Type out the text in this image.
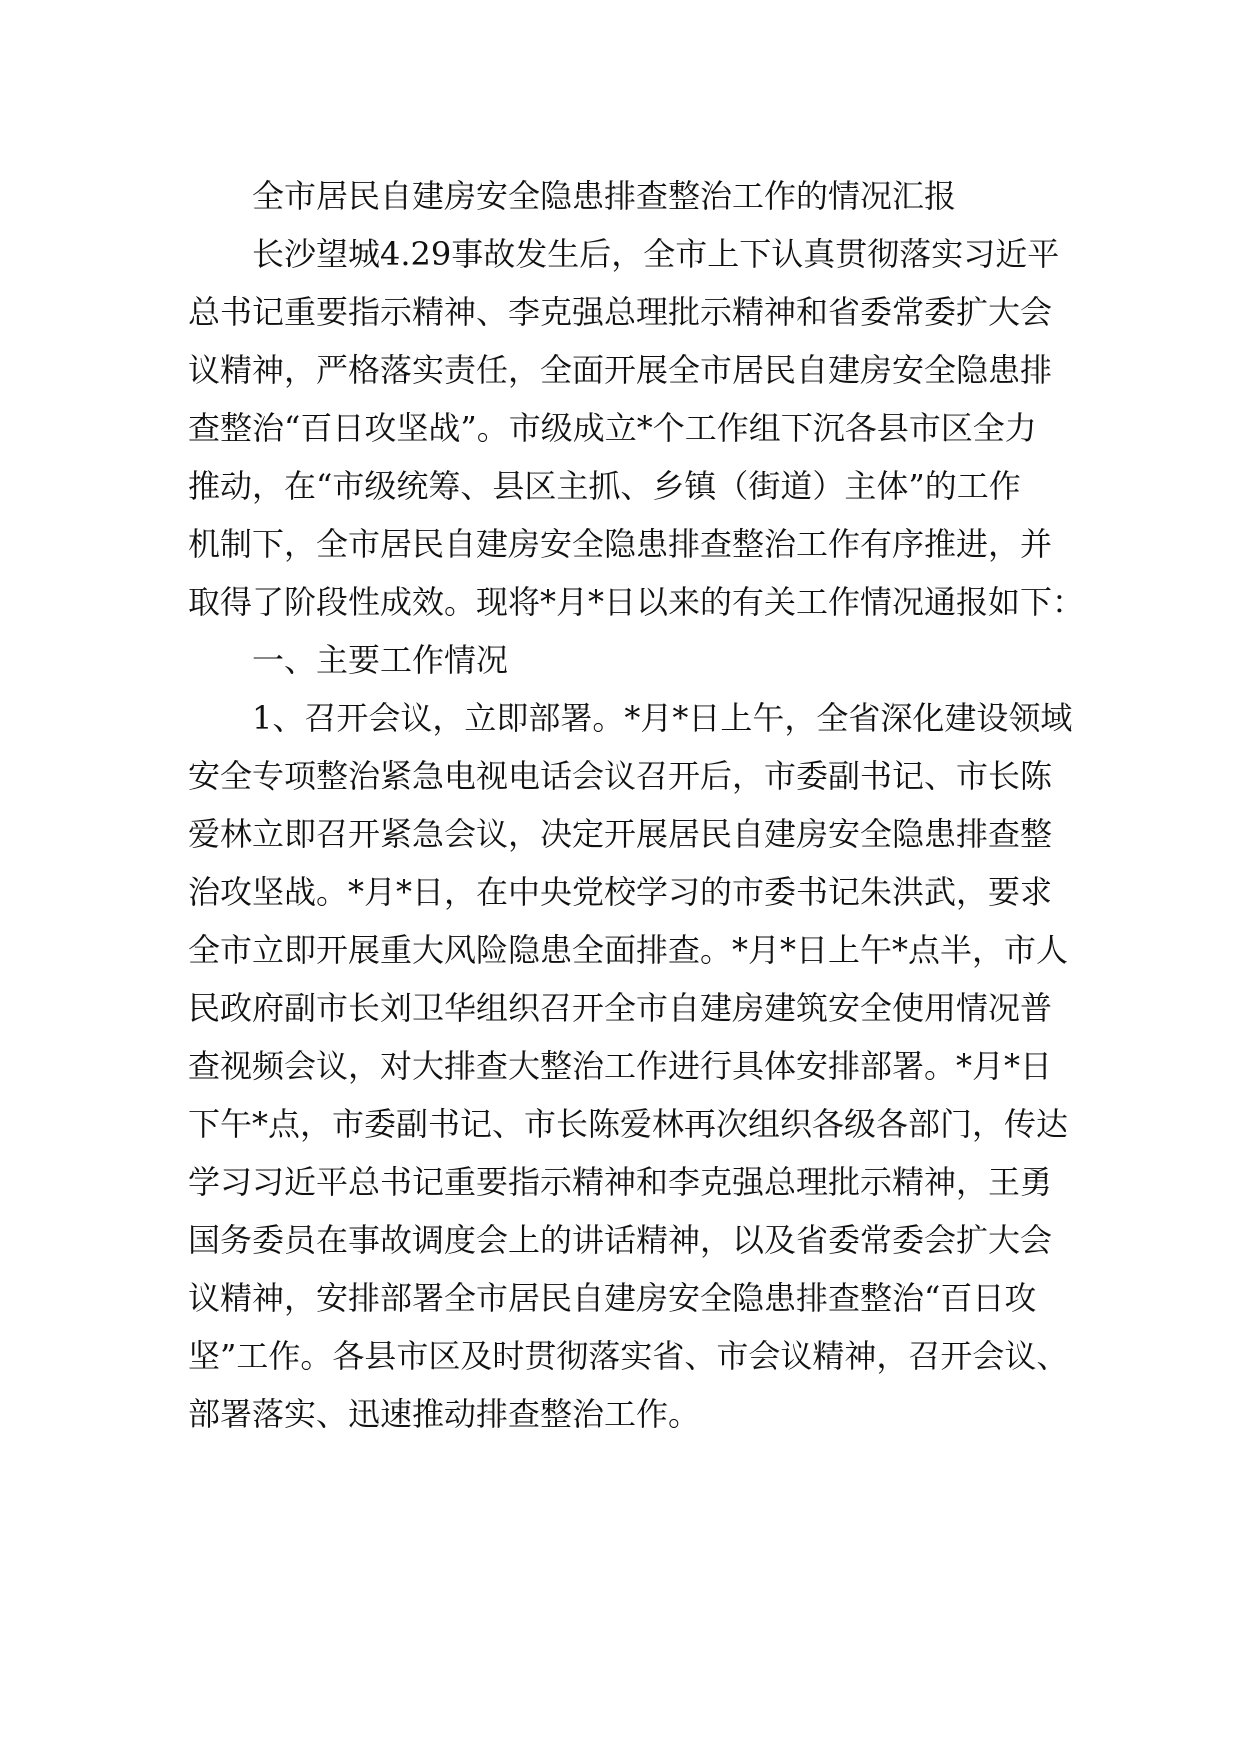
全市居民自建房安全隐患排查整治工作的情况汇报
长沙望城4.29事故发生后，全市上下认真贯彻落实习近平
总书记重要指示精神、李克强总理批示精神和省委常委扩大会
议精神，严格落实责任，全面开展全市居民自建房安全隐患排
查整治“百日攻坚战”。市级成立*个工作组下沉各县市区全力
推动，在“市级统筹、县区主抓、乡镇（街道）主体”的工作
机制下，全市居民自建房安全隐患排查整治工作有序推进，并
取得了阶段性成效。现将*月*日以来的有关工作情况通报如下：
一、主要工作情况
1、召开会议，立即部署。*月*日上午，全省深化建设领域
安全专项整治紧急电视电话会议召开后，市委副书记、市长陈
爱林立即召开紧急会议，决定开展居民自建房安全隐患排查整
治攻坚战。*月*日，在中央党校学习的市委书记朱洪武，要求
全市立即开展重大风险隐患全面排查。*月*日上午*点半，市人
民政府副市长刘卫华组织召开全市自建房建筑安全使用情况普
查视频会议，对大排查大整治工作进行具体安排部署。*月*日
下午*点，市委副书记、市长陈爱林再次组织各级各部门，传达
学习习近平总书记重要指示精神和李克强总理批示精神，王勇
国务委员在事故调度会上的讲话精神，以及省委常委会扩大会
议精神，安排部署全市居民自建房安全隐患排查整治“百日攻
坚”工作。各县市区及时贯彻落实省、市会议精神，召开会议、
部署落实、迅速推动排查整治工作。
